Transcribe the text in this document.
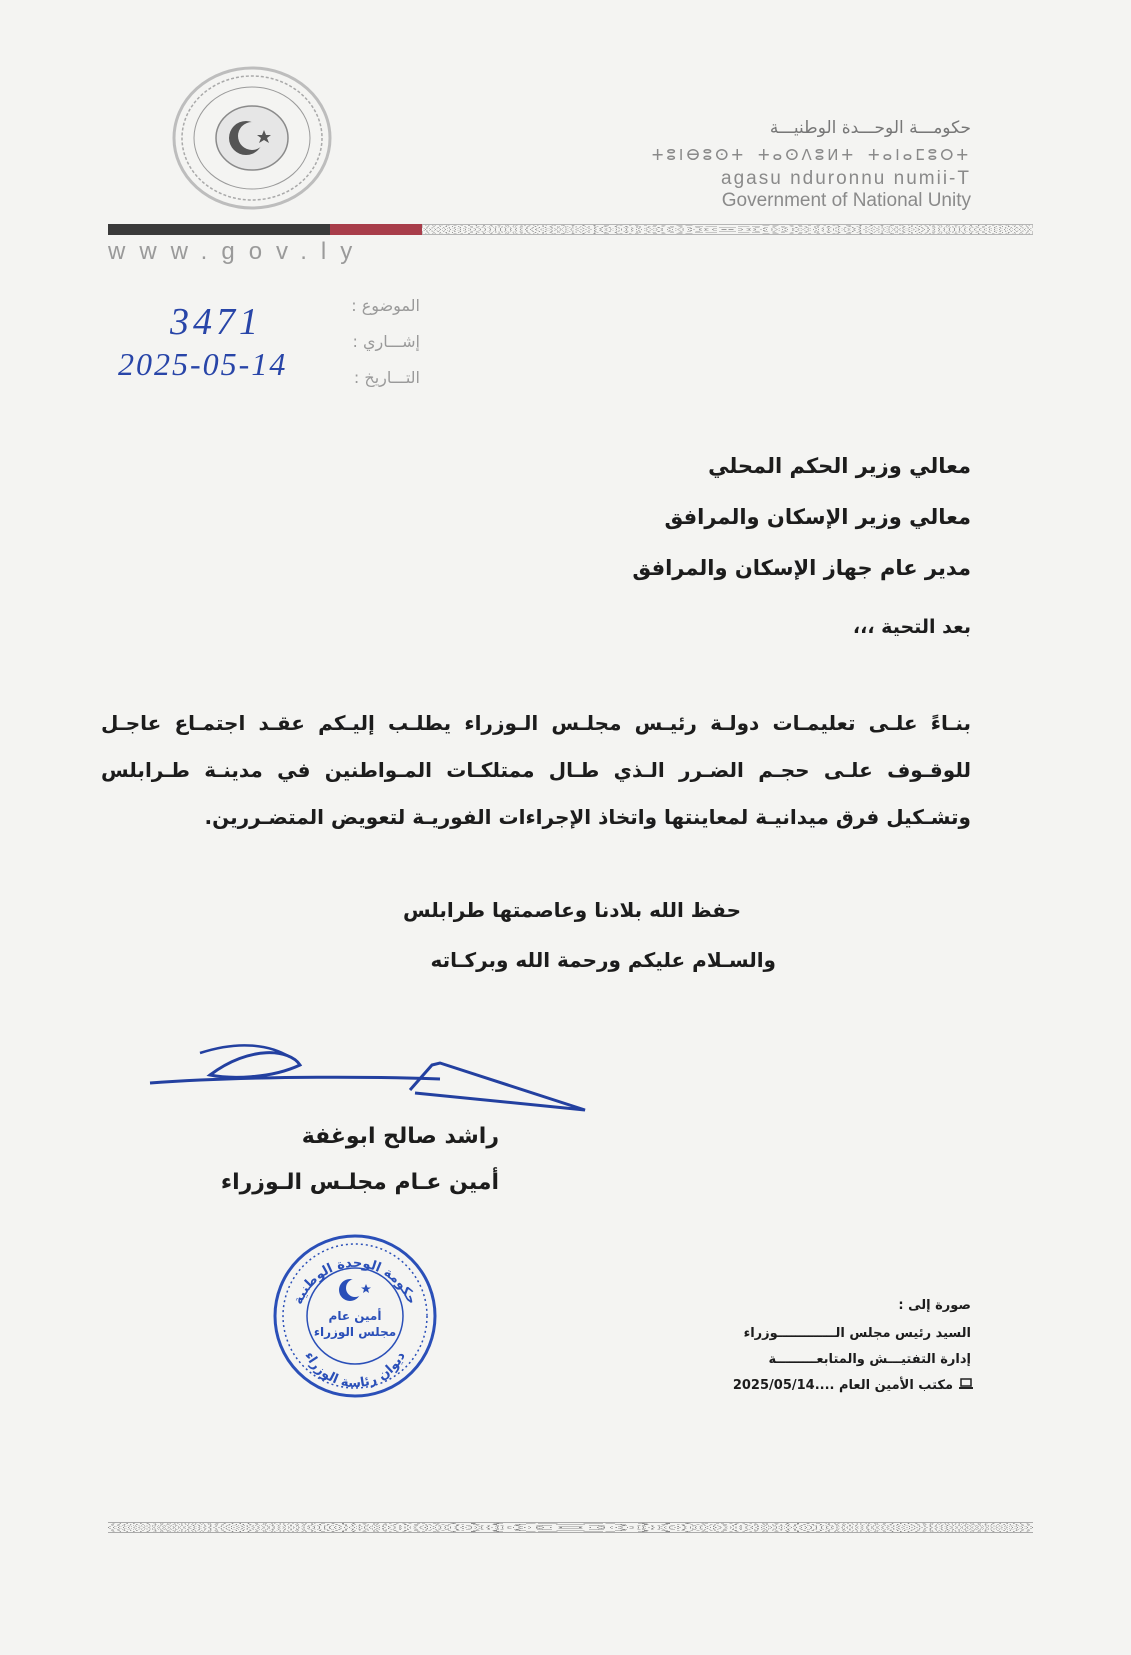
حكومـــة الوحـــدة الوطنيـــة
ⵜⵓⵏⴱⵓⵙⵜ ⵜⴰⵙⴷⵓⵍⵜ ⵜⴰⵏⴰⵎⵓⵔⵜ
agasu nduronnu numii-T
Government of National Unity
www.gov.ly
الموضوع :
إشـــاري :
التـــاريخ :
3471
2025-05-14
معالي وزير الحكم المحلي
معالي وزير الإسكان والمرافق
مدير عام جهاز الإسكان والمرافق
بعد التحية ،،،
بنـاءً علـى تعليمـات دولـة رئيـس مجلـس الـوزراء يطلـب إليـكم عقـد اجتمـاع عاجـل للوقـوف علـى حجـم الضـرر الـذي طـال ممتلكـات المـواطنين في مدينـة طـرابلس وتشـكيل فرق ميدانيـة لمعاينتها واتخاذ الإجراءات الفوريـة لتعويض المتضـررين.
حفظ الله بلادنا وعاصمتها طرابلس
والسـلام عليكم ورحمة الله وبركـاته
راشد صالح ابوغفة
أمين عـام مجلـس الـوزراء
حكومة الوحدة الوطنية
ديوان رئاسة الوزراء
أمين عام
مجلس الوزراء
صورة إلى :
السيد رئيس مجلس الـــــــــــــوزراء
إدارة التفتيـــش والمتابعـــــــــة
مكتب الأمين العام ....2025/05/14
